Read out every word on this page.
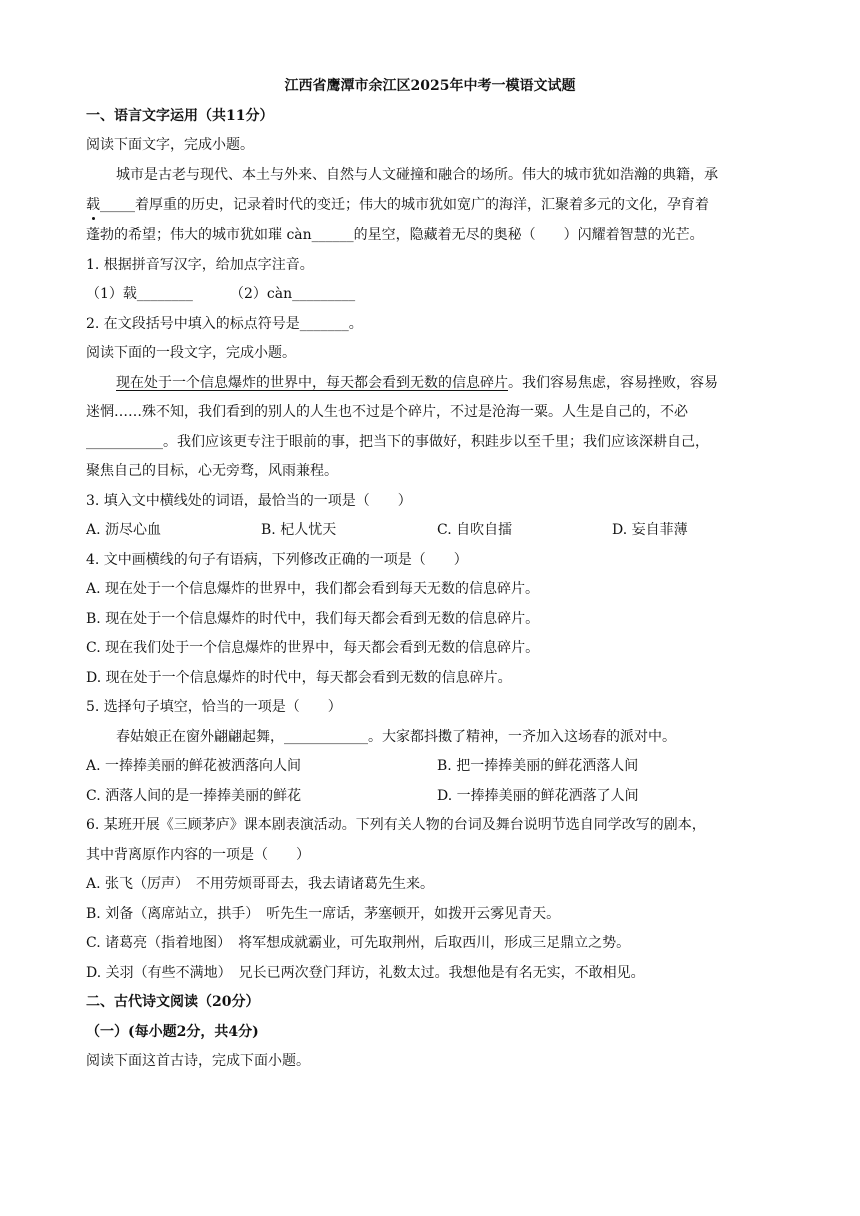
江西省鹰潭市余江区2025年中考一模语文试题
一、语言文字运用（共11分）
阅读下面文字，完成小题。
城市是古老与现代、本土与外来、自然与人文碰撞和融合的场所。伟大的城市犹如浩瀚的典籍，承
载_____着厚重的历史，记录着时代的变迁；伟大的城市犹如宽广的海洋，汇聚着多元的文化，孕育着
蓬勃的希望；伟大的城市犹如璀 càn______的星空，隐藏着无尽的奥秘（　　）闪耀着智慧的光芒。
1. 根据拼音写汉字，给加点字注音。
（1）载________	（2）càn_________
2. 在文段括号中填入的标点符号是_______。
阅读下面的一段文字，完成小题。
现在处于一个信息爆炸的世界中，每天都会看到无数的信息碎片。我们容易焦虑，容易挫败，容易
迷惘……殊不知，我们看到的别人的人生也不过是个碎片，不过是沧海一粟。人生是自己的，不必
___________。我们应该更专注于眼前的事，把当下的事做好，积跬步以至千里；我们应该深耕自己，
聚焦自己的目标，心无旁骛，风雨兼程。
3. 填入文中横线处的词语，最恰当的一项是（　　）
A. 沥尽心血	B. 杞人忧天	C. 自吹自擂	D. 妄自菲薄
4. 文中画横线的句子有语病，下列修改正确的一项是（　　）
A. 现在处于一个信息爆炸的世界中，我们都会看到每天无数的信息碎片。
B. 现在处于一个信息爆炸的时代中，我们每天都会看到无数的信息碎片。
C. 现在我们处于一个信息爆炸的世界中，每天都会看到无数的信息碎片。
D. 现在处于一个信息爆炸的时代中，每天都会看到无数的信息碎片。
5. 选择句子填空，恰当的一项是（　　）
春姑娘正在窗外翩翩起舞，____________。大家都抖擞了精神，一齐加入这场春的派对中。
A. 一捧捧美丽的鲜花被洒落向人间	B. 把一捧捧美丽的鲜花洒落人间
C. 洒落人间的是一捧捧美丽的鲜花	D. 一捧捧美丽的鲜花洒落了人间
6. 某班开展《三顾茅庐》课本剧表演活动。下列有关人物的台词及舞台说明节选自同学改写的剧本，
其中背离原作内容的一项是（　　）
A. 张飞（厉声）　不用劳烦哥哥去，我去请诸葛先生来。
B. 刘备（离席站立，拱手）　听先生一席话，茅塞顿开，如拨开云雾见青天。
C. 诸葛亮（指着地图）　将军想成就霸业，可先取荆州，后取西川，形成三足鼎立之势。
D. 关羽（有些不满地）　兄长已两次登门拜访，礼数太过。我想他是有名无实，不敢相见。
二、古代诗文阅读（20分）
（一）(每小题2分，共4分)
阅读下面这首古诗，完成下面小题。
